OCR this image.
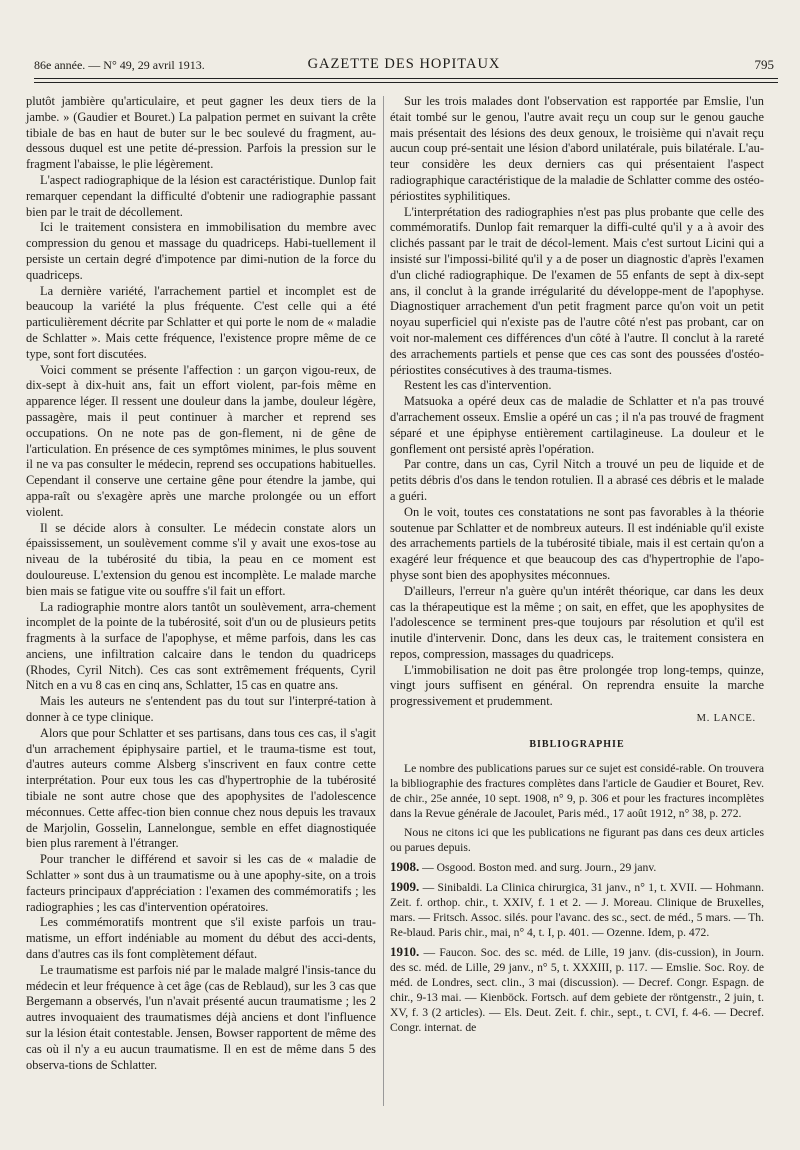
86e année. — N° 49, 29 avril 1913.	GAZETTE DES HOPITAUX	795

plutôt jambière qu'articulaire, et peut gagner les deux tiers de la jambe. » (Gaudier et Bouret.) La palpation permet en suivant la crête tibiale de bas en haut de buter sur le bec soulevé du fragment, au-dessous duquel est une petite dé-pression. Parfois la pression sur le fragment l'abaisse, le plie légèrement.

L'aspect radiographique de la lésion est caractéristique. Dunlop fait remarquer cependant la difficulté d'obtenir une radiographie passant bien par le trait de décollement.

Ici le traitement consistera en immobilisation du membre avec compression du genou et massage du quadriceps. Habi-tuellement il persiste un certain degré d'impotence par dimi-nution de la force du quadriceps.

La dernière variété, l'arrachement partiel et incomplet est de beaucoup la variété la plus fréquente. C'est celle qui a été particulièrement décrite par Schlatter et qui porte le nom de « maladie de Schlatter ». Mais cette fréquence, l'existence propre même de ce type, sont fort discutées.

Voici comment se présente l'affection : un garçon vigou-reux, de dix-sept à dix-huit ans, fait un effort violent, par-fois même en apparence léger. Il ressent une douleur dans la jambe, douleur légère, passagère, mais il peut continuer à marcher et reprend ses occupations. On ne note pas de gon-flement, ni de gêne de l'articulation. En présence de ces symptômes minimes, le plus souvent il ne va pas consulter le médecin, reprend ses occupations habituelles. Cependant il conserve une certaine gêne pour étendre la jambe, qui appa-raît ou s'exagère après une marche prolongée ou un effort violent.

Il se décide alors à consulter. Le médecin constate alors un épaississement, un soulèvement comme s'il y avait une exos-tose au niveau de la tubérosité du tibia, la peau en ce moment est douloureuse. L'extension du genou est incomplète. Le malade marche bien mais se fatigue vite ou souffre s'il fait un effort.

La radiographie montre alors tantôt un soulèvement, arra-chement incomplet de la pointe de la tubérosité, soit d'un ou de plusieurs petits fragments à la surface de l'apophyse, et même parfois, dans les cas anciens, une infiltration calcaire dans le tendon du quadriceps (Rhodes, Cyril Nitch). Ces cas sont extrêmement fréquents, Cyril Nitch en a vu 8 cas en cinq ans, Schlatter, 15 cas en quatre ans.

Mais les auteurs ne s'entendent pas du tout sur l'interpré-tation à donner à ce type clinique.

Alors que pour Schlatter et ses partisans, dans tous ces cas, il s'agit d'un arrachement épiphysaire partiel, et le trauma-tisme est tout, d'autres auteurs comme Alsberg s'inscrivent en faux contre cette interprétation. Pour eux tous les cas d'hypertrophie de la tubérosité tibiale ne sont autre chose que des apophysites de l'adolescence méconnues. Cette affec-tion bien connue chez nous depuis les travaux de Marjolin, Gosselin, Lannelongue, semble en effet diagnostiquée bien plus rarement à l'étranger.

Pour trancher le différend et savoir si les cas de « maladie de Schlatter » sont dus à un traumatisme ou à une apophy-site, on a trois facteurs principaux d'appréciation : l'examen des commémoratifs ; les radiographies ; les cas d'intervention opératoires.

Les commémoratifs montrent que s'il existe parfois un trau-matisme, un effort indéniable au moment du début des acci-dents, dans d'autres cas ils font complètement défaut.

Le traumatisme est parfois nié par le malade malgré l'insis-tance du médecin et leur fréquence à cet âge (cas de Reblaud), sur les 3 cas que Bergemann a observés, l'un n'avait présenté aucun traumatisme ; les 2 autres invoquaient des traumatismes déjà anciens et dont l'influence sur la lésion était contestable. Jensen, Bowser rapportent de même des cas où il n'y a eu aucun traumatisme. Il en est de même dans 5 des observa-tions de Schlatter.

Sur les trois malades dont l'observation est rapportée par Emslie, l'un était tombé sur le genou, l'autre avait reçu un coup sur le genou gauche mais présentait des lésions des deux genoux, le troisième qui n'avait reçu aucun coup pré-sentait une lésion d'abord unilatérale, puis bilatérale. L'au-teur considère les deux derniers cas qui présentaient l'aspect radiographique caractéristique de la maladie de Schlatter comme des ostéo-périostites syphilitiques.

L'interprétation des radiographies n'est pas plus probante que celle des commémoratifs. Dunlop fait remarquer la diffi-culté qu'il y a à avoir des clichés passant par le trait de décol-lement. Mais c'est surtout Licini qui a insisté sur l'impossi-bilité qu'il y a de poser un diagnostic d'après l'examen d'un cliché radiographique. De l'examen de 55 enfants de sept à dix-sept ans, il conclut à la grande irrégularité du développe-ment de l'apophyse. Diagnostiquer arrachement d'un petit fragment parce qu'on voit un petit noyau superficiel qui n'existe pas de l'autre côté n'est pas probant, car on voit nor-malement ces différences d'un côté à l'autre. Il conclut à la rareté des arrachements partiels et pense que ces cas sont des poussées d'ostéo-périostites consécutives à des trauma-tismes.

Restent les cas d'intervention.

Matsuoka a opéré deux cas de maladie de Schlatter et n'a pas trouvé d'arrachement osseux. Emslie a opéré un cas ; il n'a pas trouvé de fragment séparé et une épiphyse entièrement cartilagineuse. La douleur et le gonflement ont persisté après l'opération.

Par contre, dans un cas, Cyril Nitch a trouvé un peu de liquide et de petits débris d'os dans le tendon rotulien. Il a abrasé ces débris et le malade a guéri.

On le voit, toutes ces constatations ne sont pas favorables à la théorie soutenue par Schlatter et de nombreux auteurs. Il est indéniable qu'il existe des arrachements partiels de la tubérosité tibiale, mais il est certain qu'on a exagéré leur fréquence et que beaucoup des cas d'hypertrophie de l'apo-physe sont bien des apophysites méconnues.

D'ailleurs, l'erreur n'a guère qu'un intérêt théorique, car dans les deux cas la thérapeutique est la même ; on sait, en effet, que les apophysites de l'adolescence se terminent pres-que toujours par résolution et qu'il est inutile d'intervenir. Donc, dans les deux cas, le traitement consistera en repos, compression, massages du quadriceps.

L'immobilisation ne doit pas être prolongée trop long-temps, quinze, vingt jours suffisent en général. On reprendra ensuite la marche progressivement et prudemment.

M. LANCE.
BIBLIOGRAPHIE

Le nombre des publications parues sur ce sujet est considé-rable. On trouvera la bibliographie des fractures complètes dans l'article de Gaudier et Bouret, Rev. de chir., 25e année, 10 sept. 1908, n° 9, p. 306 et pour les fractures incomplètes dans la Revue générale de Jacoulet, Paris méd., 17 août 1912, n° 38, p. 272.

Nous ne citons ici que les publications ne figurant pas dans ces deux articles ou parues depuis.

1908. — Osgood. Boston med. and surg. Journ., 29 janv.

1909. — Sinibaldi. La Clinica chirurgica, 31 janv., n° 1, t. XVII. — Hohmann. Zeit. f. orthop. chir., t. XXIV, f. 1 et 2. — J. Moreau. Clinique de Bruxelles, mars. — Fritsch. Assoc. silés. pour l'avanc. des sc., sect. de méd., 5 mars. — Th. Re-blaud. Paris chir., mai, n° 4, t. I, p. 401. — Ozenne. Idem, p. 472.

1910. — Faucon. Soc. des sc. méd. de Lille, 19 janv. (dis-cussion), in Journ. des sc. méd. de Lille, 29 janv., n° 5, t. XXXIII, p. 117. — Emslie. Soc. Roy. de méd. de Londres, sect. clin., 3 mai (discussion). — Decref. Congr. Espagn. de chir., 9-13 mai. — Kienböck. Fortsch. auf dem gebiete der röntgenstr., 2 juin, t. XV, f. 3 (2 articles). — Els. Deut. Zeit. f. chir., sept., t. CVI, f. 4-6. — Decref. Congr. internat. de
